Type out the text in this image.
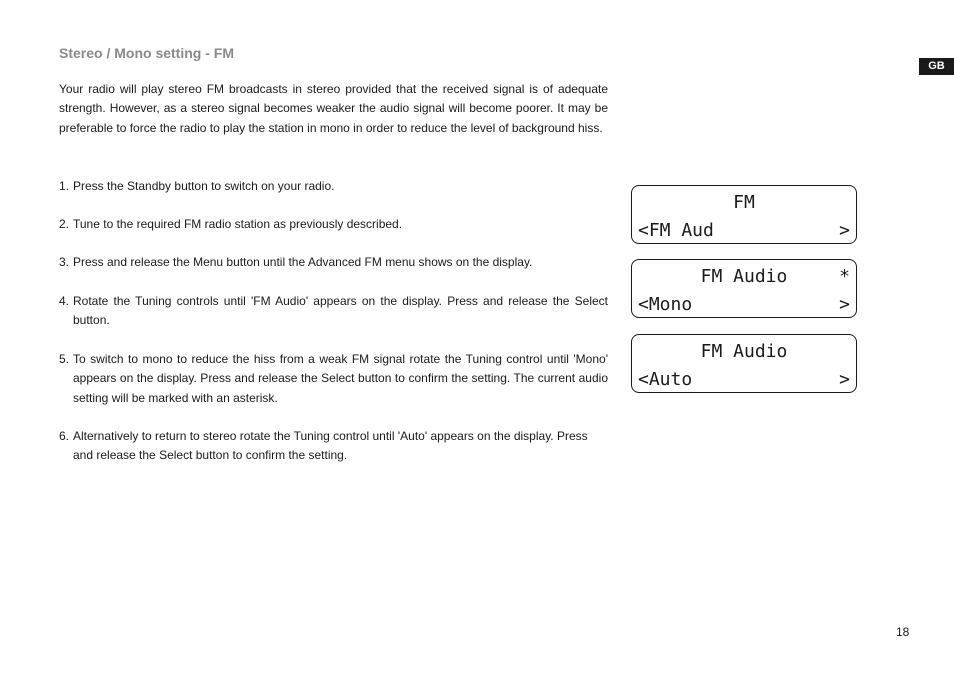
Stereo / Mono setting - FM

Your radio will play stereo FM broadcasts in stereo provided that the received signal is of adequate strength. However, as a stereo signal becomes weaker the audio signal will become poorer. It may be preferable to force the radio to play the station in mono in order to reduce the level of background hiss.

1. Press the Standby button to switch on your radio.
2. Tune to the required FM radio station as previously described.
3. Press and release the Menu button until the Advanced FM menu shows on the display.
4. Rotate the Tuning controls until 'FM Audio' appears on the display. Press and release the Select button.
5. To switch to mono to reduce the hiss from a weak FM signal rotate the Tuning control until 'Mono' appears on the display. Press and release the Select button to confirm the setting. The current audio setting will be marked with an asterisk.
6. Alternatively to return to stereo rotate the Tuning control until 'Auto' appears on the display. Press and release the Select button to confirm the setting.
FM
<FM Aud	>
FM Audio	*
<Mono	>
FM Audio
<Auto	>
GB
18
